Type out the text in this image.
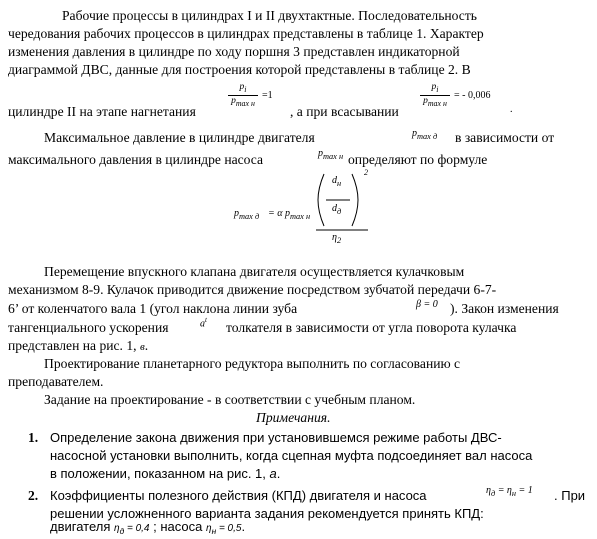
Рабочие процессы в цилиндрах I и II двухтактные. Последовательность
чередования рабочих процессов в цилиндрах представлены в таблице 1. Характер
изменения давления в цилиндре по ходу поршня 3 представлен индикаторной
диаграммой ДВС, данные для построения которой представлены в таблице 2. В
цилиндре II на этапе нагнетания
$p_i$
$p_{max н}$
=1
, а при всасывании
$p_i$
$p_{max н}$
= - 0,006
.
Максимальное давление в цилиндре двигателя	$p_{max д}$ в зависимости от
максимального давления в цилиндре насоса	$p_{max н}$ определяют по формуле
$p_{max д} = \alpha$ $p_{max н}$
$d_н$
$d_д$
2
$\eta_2$
Перемещение впускного клапана двигателя осуществляется кулачковым
механизмом 8-9. Кулачок приводится движение посредством зубчатой передачи 6-7-
6’ от коленчатого вала 1 (угол наклона линии зуба	β = 0 ). Закон изменения
тангенциального ускорения	$a^t$ толкателя в зависимости от угла поворота кулачка
представлен на рис. 1, в.
Проектирование планетарного редуктора выполнить по согласованию с
преподавателем.
Задание на проектирование - в соответствии с учебным планом.
Примечания.
1. Определение закона движения при установившемся режиме работы ДВС-
насосной установки выполнить, когда сцепная муфта подсоединяет вал насоса
в положении, показанном на рис. 1, а.
2. Коэффициенты полезного действия (КПД) двигателя и насоса	$\eta_д = \eta_н = 1$ . При
решении усложненного варианта задания рекомендуется принять КПД:
двигателя $\eta_д = 0,4$ ; насоса $\eta_н = 0,5$.
